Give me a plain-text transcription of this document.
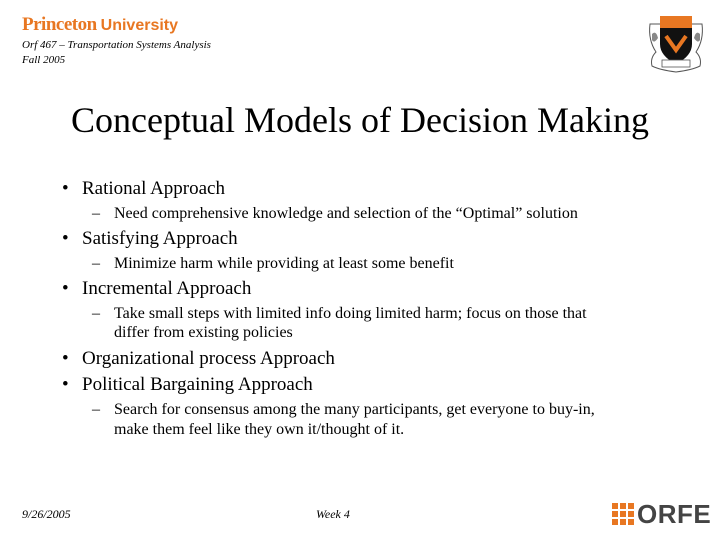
Princeton University
Orf 467 – Transportation Systems Analysis
Fall 2005
Conceptual Models of Decision Making
• Rational Approach
– Need comprehensive knowledge and selection of the “Optimal” solution
• Satisfying Approach
– Minimize harm while providing at least some benefit
• Incremental Approach
– Take small steps with limited info doing limited harm; focus on those that
differ from existing policies
• Organizational process Approach
• Political Bargaining Approach
– Search for consensus among the many participants, get everyone to buy-in,
make them feel like they own it/thought of it.
9/26/2005	Week 4	ORFE
